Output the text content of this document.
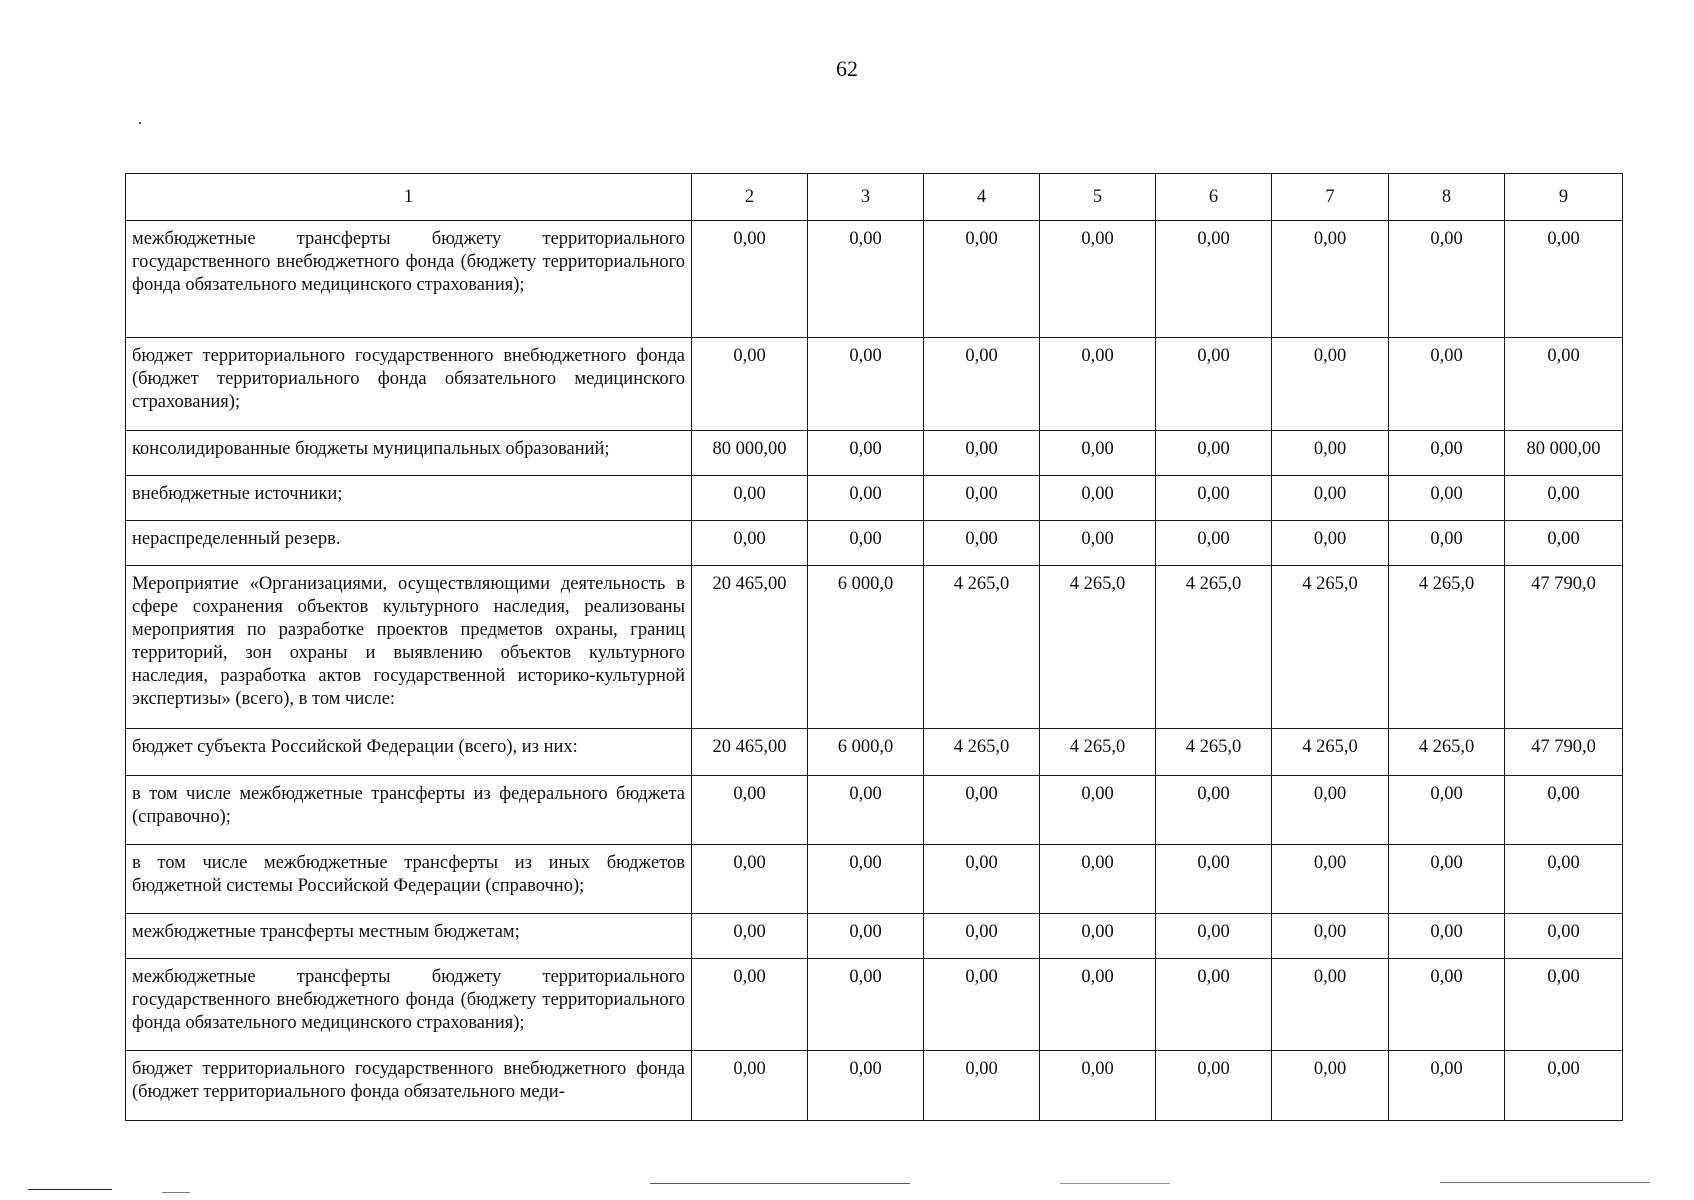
62
1	2	3	4	5	6	7	8	9
межбюджетные трансферты бюджету территориального государственного внебюджетного фонда (бюджету территориального фонда обязательного медицинского страхования);	0,00	0,00	0,00	0,00	0,00	0,00	0,00	0,00
бюджет территориального государственного внебюджетного фонда (бюджет территориального фонда обязательного медицинского страхования);	0,00	0,00	0,00	0,00	0,00	0,00	0,00	0,00
консолидированные бюджеты муниципальных образований;	80 000,00	0,00	0,00	0,00	0,00	0,00	0,00	80 000,00
внебюджетные источники;	0,00	0,00	0,00	0,00	0,00	0,00	0,00	0,00
нераспределенный резерв.	0,00	0,00	0,00	0,00	0,00	0,00	0,00	0,00
Мероприятие «Организациями, осуществляющими деятельность в сфере сохранения объектов культурного наследия, реализованы мероприятия по разработке проектов предметов охраны, границ территорий, зон охраны и выявлению объектов культурного наследия, разработка актов государственной историко-культурной экспертизы» (всего), в том числе:	20 465,00	6 000,0	4 265,0	4 265,0	4 265,0	4 265,0	4 265,0	47 790,0
бюджет субъекта Российской Федерации (всего), из них:	20 465,00	6 000,0	4 265,0	4 265,0	4 265,0	4 265,0	4 265,0	47 790,0
в том числе межбюджетные трансферты из федерального бюджета (справочно);	0,00	0,00	0,00	0,00	0,00	0,00	0,00	0,00
в том числе межбюджетные трансферты из иных бюджетов бюджетной системы Российской Федерации (справочно);	0,00	0,00	0,00	0,00	0,00	0,00	0,00	0,00
межбюджетные трансферты местным бюджетам;	0,00	0,00	0,00	0,00	0,00	0,00	0,00	0,00
межбюджетные трансферты бюджету территориального государственного внебюджетного фонда (бюджету территориального фонда обязательного медицинского страхования);	0,00	0,00	0,00	0,00	0,00	0,00	0,00	0,00
бюджет территориального государственного внебюджетного фонда (бюджет территориального фонда обязательного меди-	0,00	0,00	0,00	0,00	0,00	0,00	0,00	0,00
